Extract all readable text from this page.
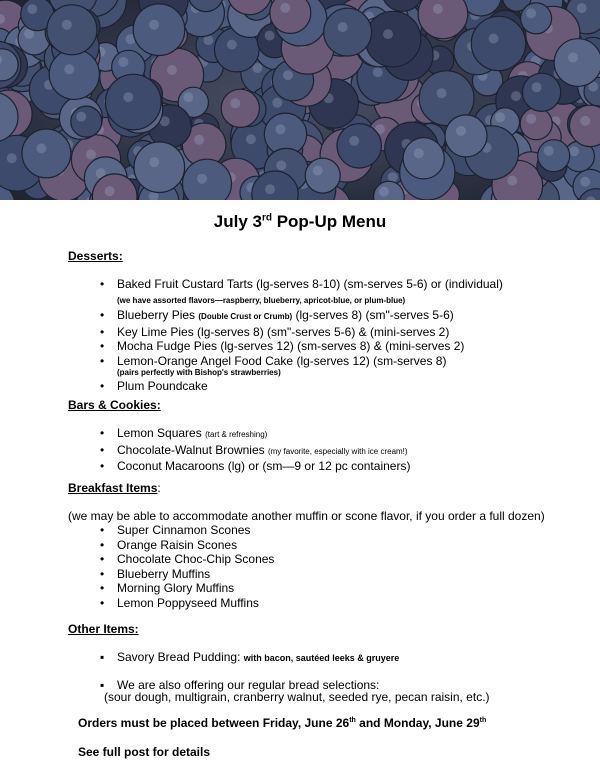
July 3rd Pop-Up Menu
Desserts:
• Baked Fruit Custard Tarts (lg-serves 8-10) (sm-serves 5-6) or (individual)
(we have assorted flavors—raspberry, blueberry, apricot-blue, or plum-blue)
• Blueberry Pies (Double Crust or Crumb) (lg-serves 8) (sm"-serves 5-6)
• Key Lime Pies (lg-serves 8) (sm"-serves 5-6) & (mini-serves 2)
• Mocha Fudge Pies (lg-serves 12) (sm-serves 8) & (mini-serves 2)
• Lemon-Orange Angel Food Cake (lg-serves 12) (sm-serves 8)
$^{(pairs perfectly with Bishop's strawberries)}$
• Plum Poundcake
Bars & Cookies:
• Lemon Squares (tart & refreshing)
• Chocolate-Walnut Brownies (my favorite, especially with ice cream!)
• Coconut Macaroons (lg) or (sm—9 or 12 pc containers)
Breakfast Items:
(we may be able to accommodate another muffin or scone flavor, if you order a full dozen)
• Super Cinnamon Scones
• Orange Raisin Scones
• Chocolate Choc-Chip Scones
• Blueberry Muffins
• Morning Glory Muffins
• Lemon Poppyseed Muffins
Other Items:
▪ Savory Bread Pudding: with bacon, sautéed leeks & gruyere
▪ We are also offering our regular bread selections:
(sour dough, multigrain, cranberry walnut, seeded rye, pecan raisin, etc.)
Orders must be placed between Friday, June 26th and Monday, June 29th
See full post for details
